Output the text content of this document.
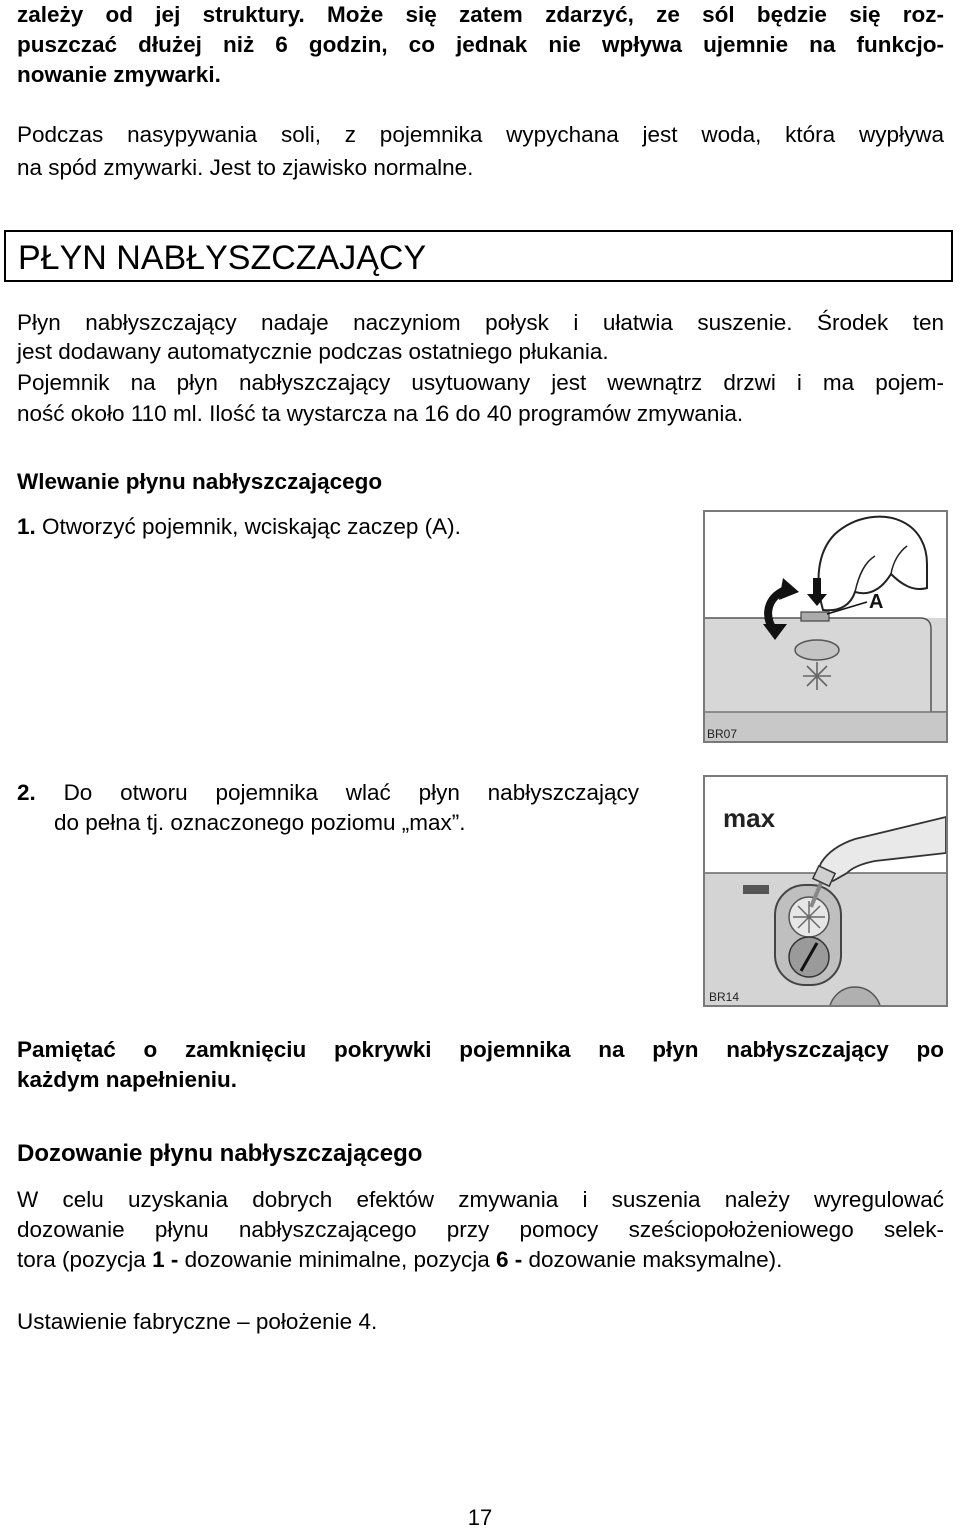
zależy od jej struktury. Może się zatem zdarzyć, ze sól będzie się roz-
puszczać dłużej niż 6 godzin, co jednak nie wpływa ujemnie na funkcjo-
nowanie zmywarki.
Podczas nasypywania soli, z pojemnika wypychana jest woda, która wypływa
na spód zmywarki. Jest to zjawisko normalne.
PŁYN NABŁYSZCZAJĄCY
Płyn nabłyszczający nadaje naczyniom połysk i ułatwia suszenie. Środek ten
jest dodawany automatycznie podczas ostatniego płukania.
Pojemnik na płyn nabłyszczający usytuowany jest wewnątrz drzwi i ma pojem-
ność około 110 ml. Ilość ta wystarcza na 16 do 40 programów zmywania.
Wlewanie płynu nabłyszczającego
1. Otworzyć pojemnik, wciskając zaczep (A).
A
BR07
2. Do otworu pojemnika wlać płyn nabłyszczający
do pełna tj. oznaczonego poziomu „max”.	max
BR14
Pamiętać o zamknięciu pokrywki pojemnika na płyn nabłyszczający po
każdym napełnieniu.
Dozowanie płynu nabłyszczającego
W celu uzyskania dobrych efektów zmywania i suszenia należy wyregulować
dozowanie płynu nabłyszczającego przy pomocy sześciopołożeniowego selek-
tora (pozycja 1 - dozowanie minimalne, pozycja 6 - dozowanie maksymalne).
Ustawienie fabryczne – położenie 4.
17
